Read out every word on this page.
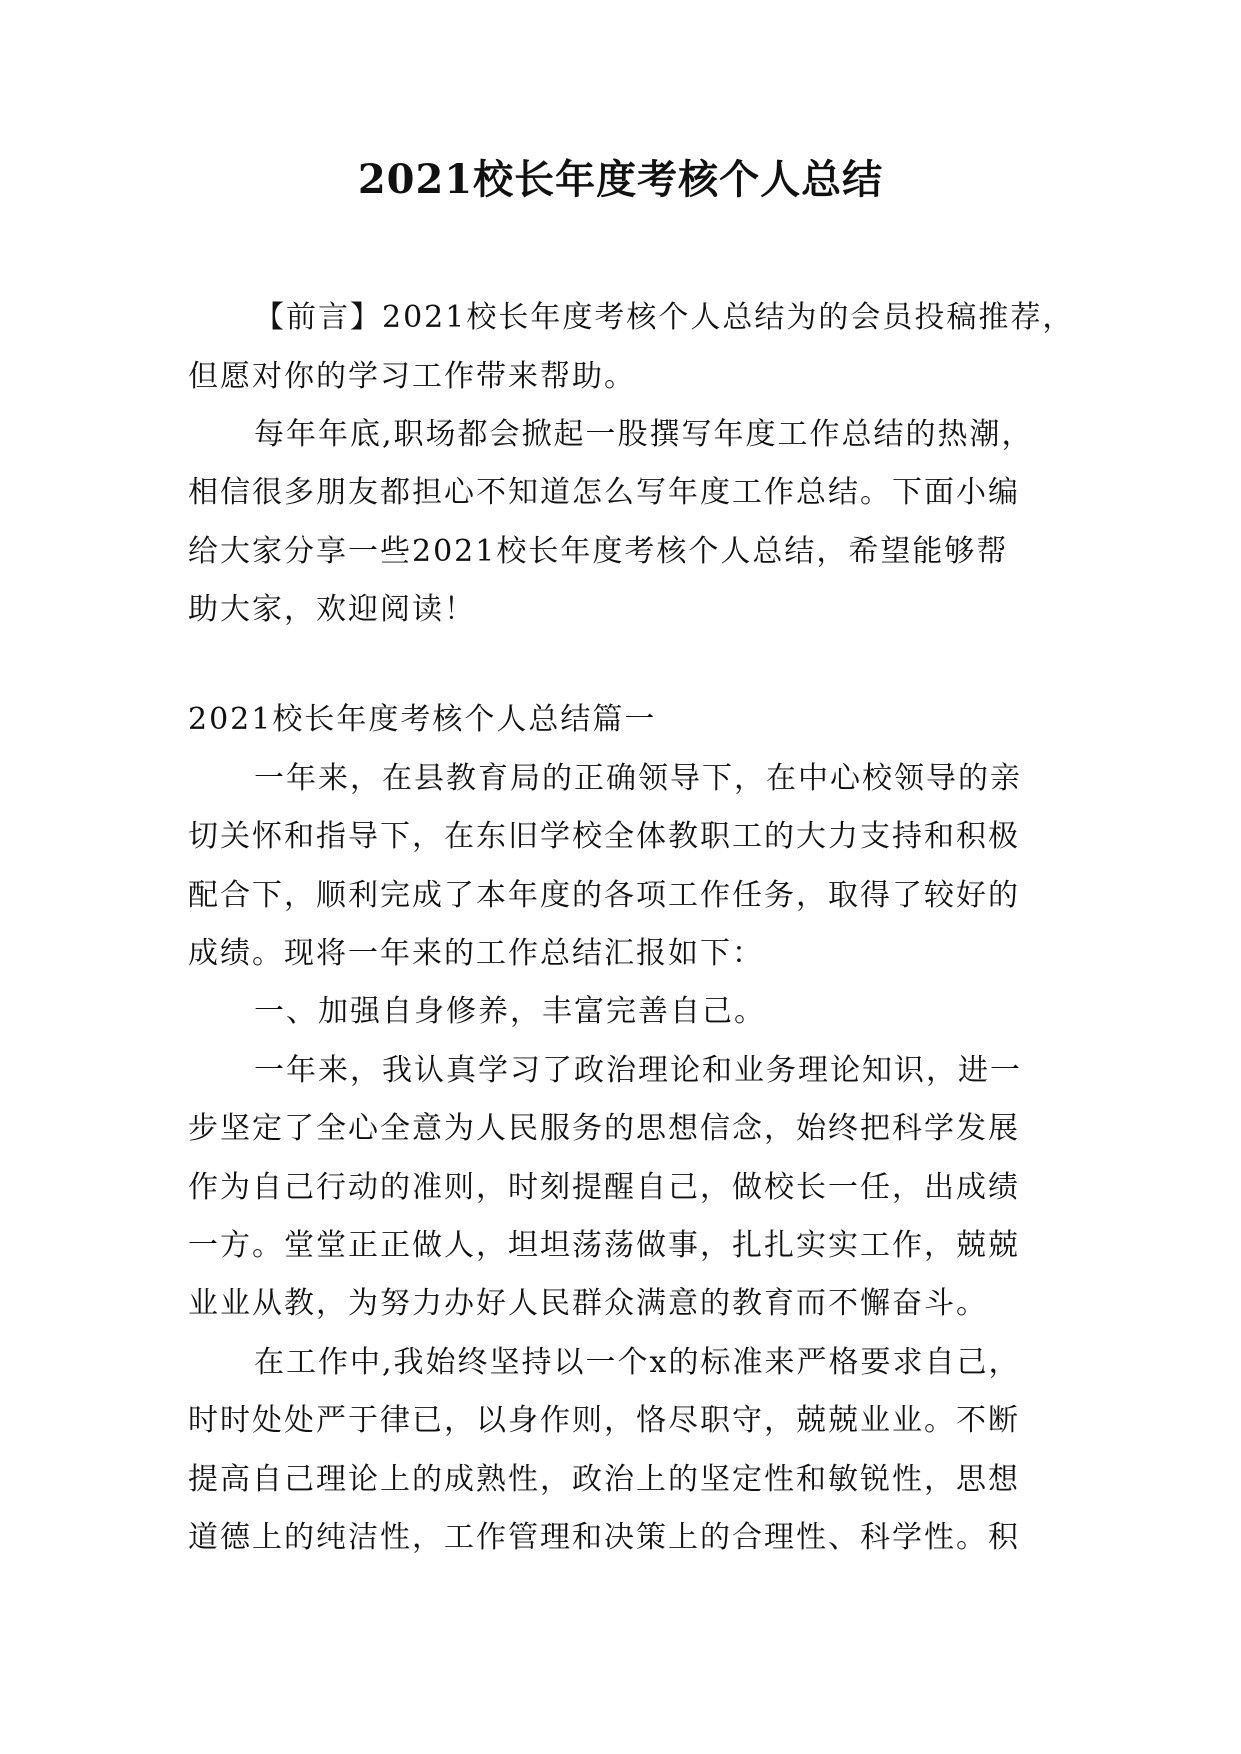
2021校长年度考核个人总结
【前言】2021校长年度考核个人总结为的会员投稿推荐，
但愿对你的学习工作带来帮助。
每年年底,职场都会掀起一股撰写年度工作总结的热潮，
相信很多朋友都担心不知道怎么写年度工作总结。下面小编
给大家分享一些2021校长年度考核个人总结，希望能够帮
助大家，欢迎阅读！
2021校长年度考核个人总结篇一
一年来，在县教育局的正确领导下，在中心校领导的亲
切关怀和指导下，在东旧学校全体教职工的大力支持和积极
配合下，顺利完成了本年度的各项工作任务，取得了较好的
成绩。现将一年来的工作总结汇报如下：
一、加强自身修养，丰富完善自己。
一年来，我认真学习了政治理论和业务理论知识，进一
步坚定了全心全意为人民服务的思想信念，始终把科学发展
作为自己行动的准则，时刻提醒自己，做校长一任，出成绩
一方。堂堂正正做人，坦坦荡荡做事，扎扎实实工作，兢兢
业业从教，为努力办好人民群众满意的教育而不懈奋斗。
在工作中,我始终坚持以一个x的标准来严格要求自己，
时时处处严于律已，以身作则，恪尽职守，兢兢业业。不断
提高自己理论上的成熟性，政治上的坚定性和敏锐性，思想
道德上的纯洁性，工作管理和决策上的合理性、科学性。积
